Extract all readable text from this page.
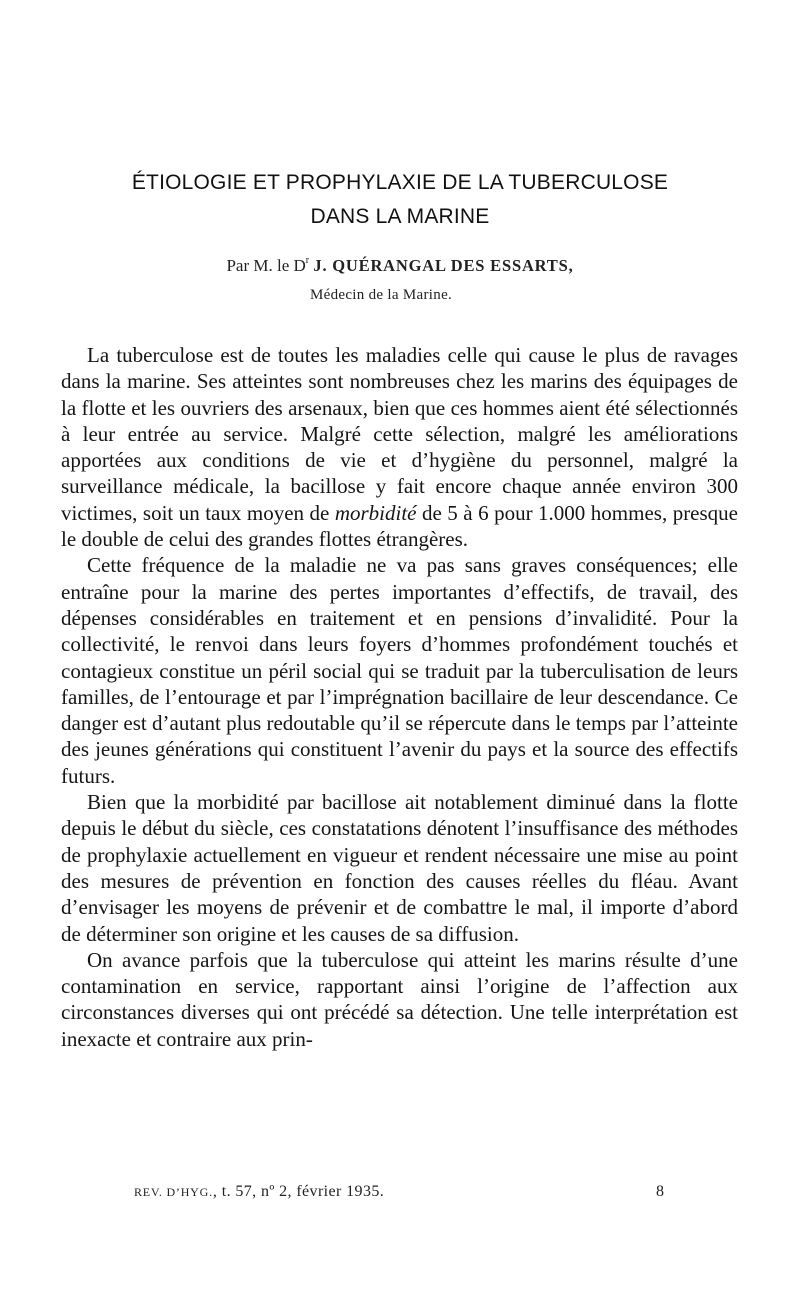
ÉTIOLOGIE ET PROPHYLAXIE DE LA TUBERCULOSE
DANS LA MARINE
Par M. le $D^r$ J. QUÉRANGAL DES ESSARTS,
Médecin de la Marine.

La tuberculose est de toutes les maladies celle qui cause le plus de ravages dans la marine. Ses atteintes sont nombreuses chez les marins des équipages de la flotte et les ouvriers des arsenaux, bien que ces hommes aient été sélectionnés à leur entrée au service. Malgré cette sélection, malgré les améliorations apportées aux conditions de vie et d’hygiène du personnel, malgré la surveillance médicale, la bacillose y fait encore chaque année environ 300 victimes, soit un taux moyen de morbidité de 5 à 6 pour 1.000 hommes, presque le double de celui des grandes flottes étrangères.

Cette fréquence de la maladie ne va pas sans graves conséquences; elle entraîne pour la marine des pertes importantes d’effectifs, de travail, des dépenses considérables en traitement et en pensions d’invalidité. Pour la collectivité, le renvoi dans leurs foyers d’hommes profondément touchés et contagieux constitue un péril social qui se traduit par la tuberculisation de leurs familles, de l’entourage et par l’imprégnation bacillaire de leur descendance. Ce danger est d’autant plus redoutable qu’il se répercute dans le temps par l’atteinte des jeunes générations qui constituent l’avenir du pays et la source des effectifs futurs.

Bien que la morbidité par bacillose ait notablement diminué dans la flotte depuis le début du siècle, ces constatations dénotent l’insuffisance des méthodes de prophylaxie actuellement en vigueur et rendent nécessaire une mise au point des mesures de prévention en fonction des causes réelles du fléau. Avant d’envisager les moyens de prévenir et de combattre le mal, il importe d’abord de déterminer son origine et les causes de sa diffusion.

On avance parfois que la tuberculose qui atteint les marins résulte d’une contamination en service, rapportant ainsi l’origine de l’affection aux circonstances diverses qui ont précédé sa détection. Une telle interprétation est inexacte et contraire aux prin-

REV. D’HYG., t. 57, nº 2, février 1935.	8
